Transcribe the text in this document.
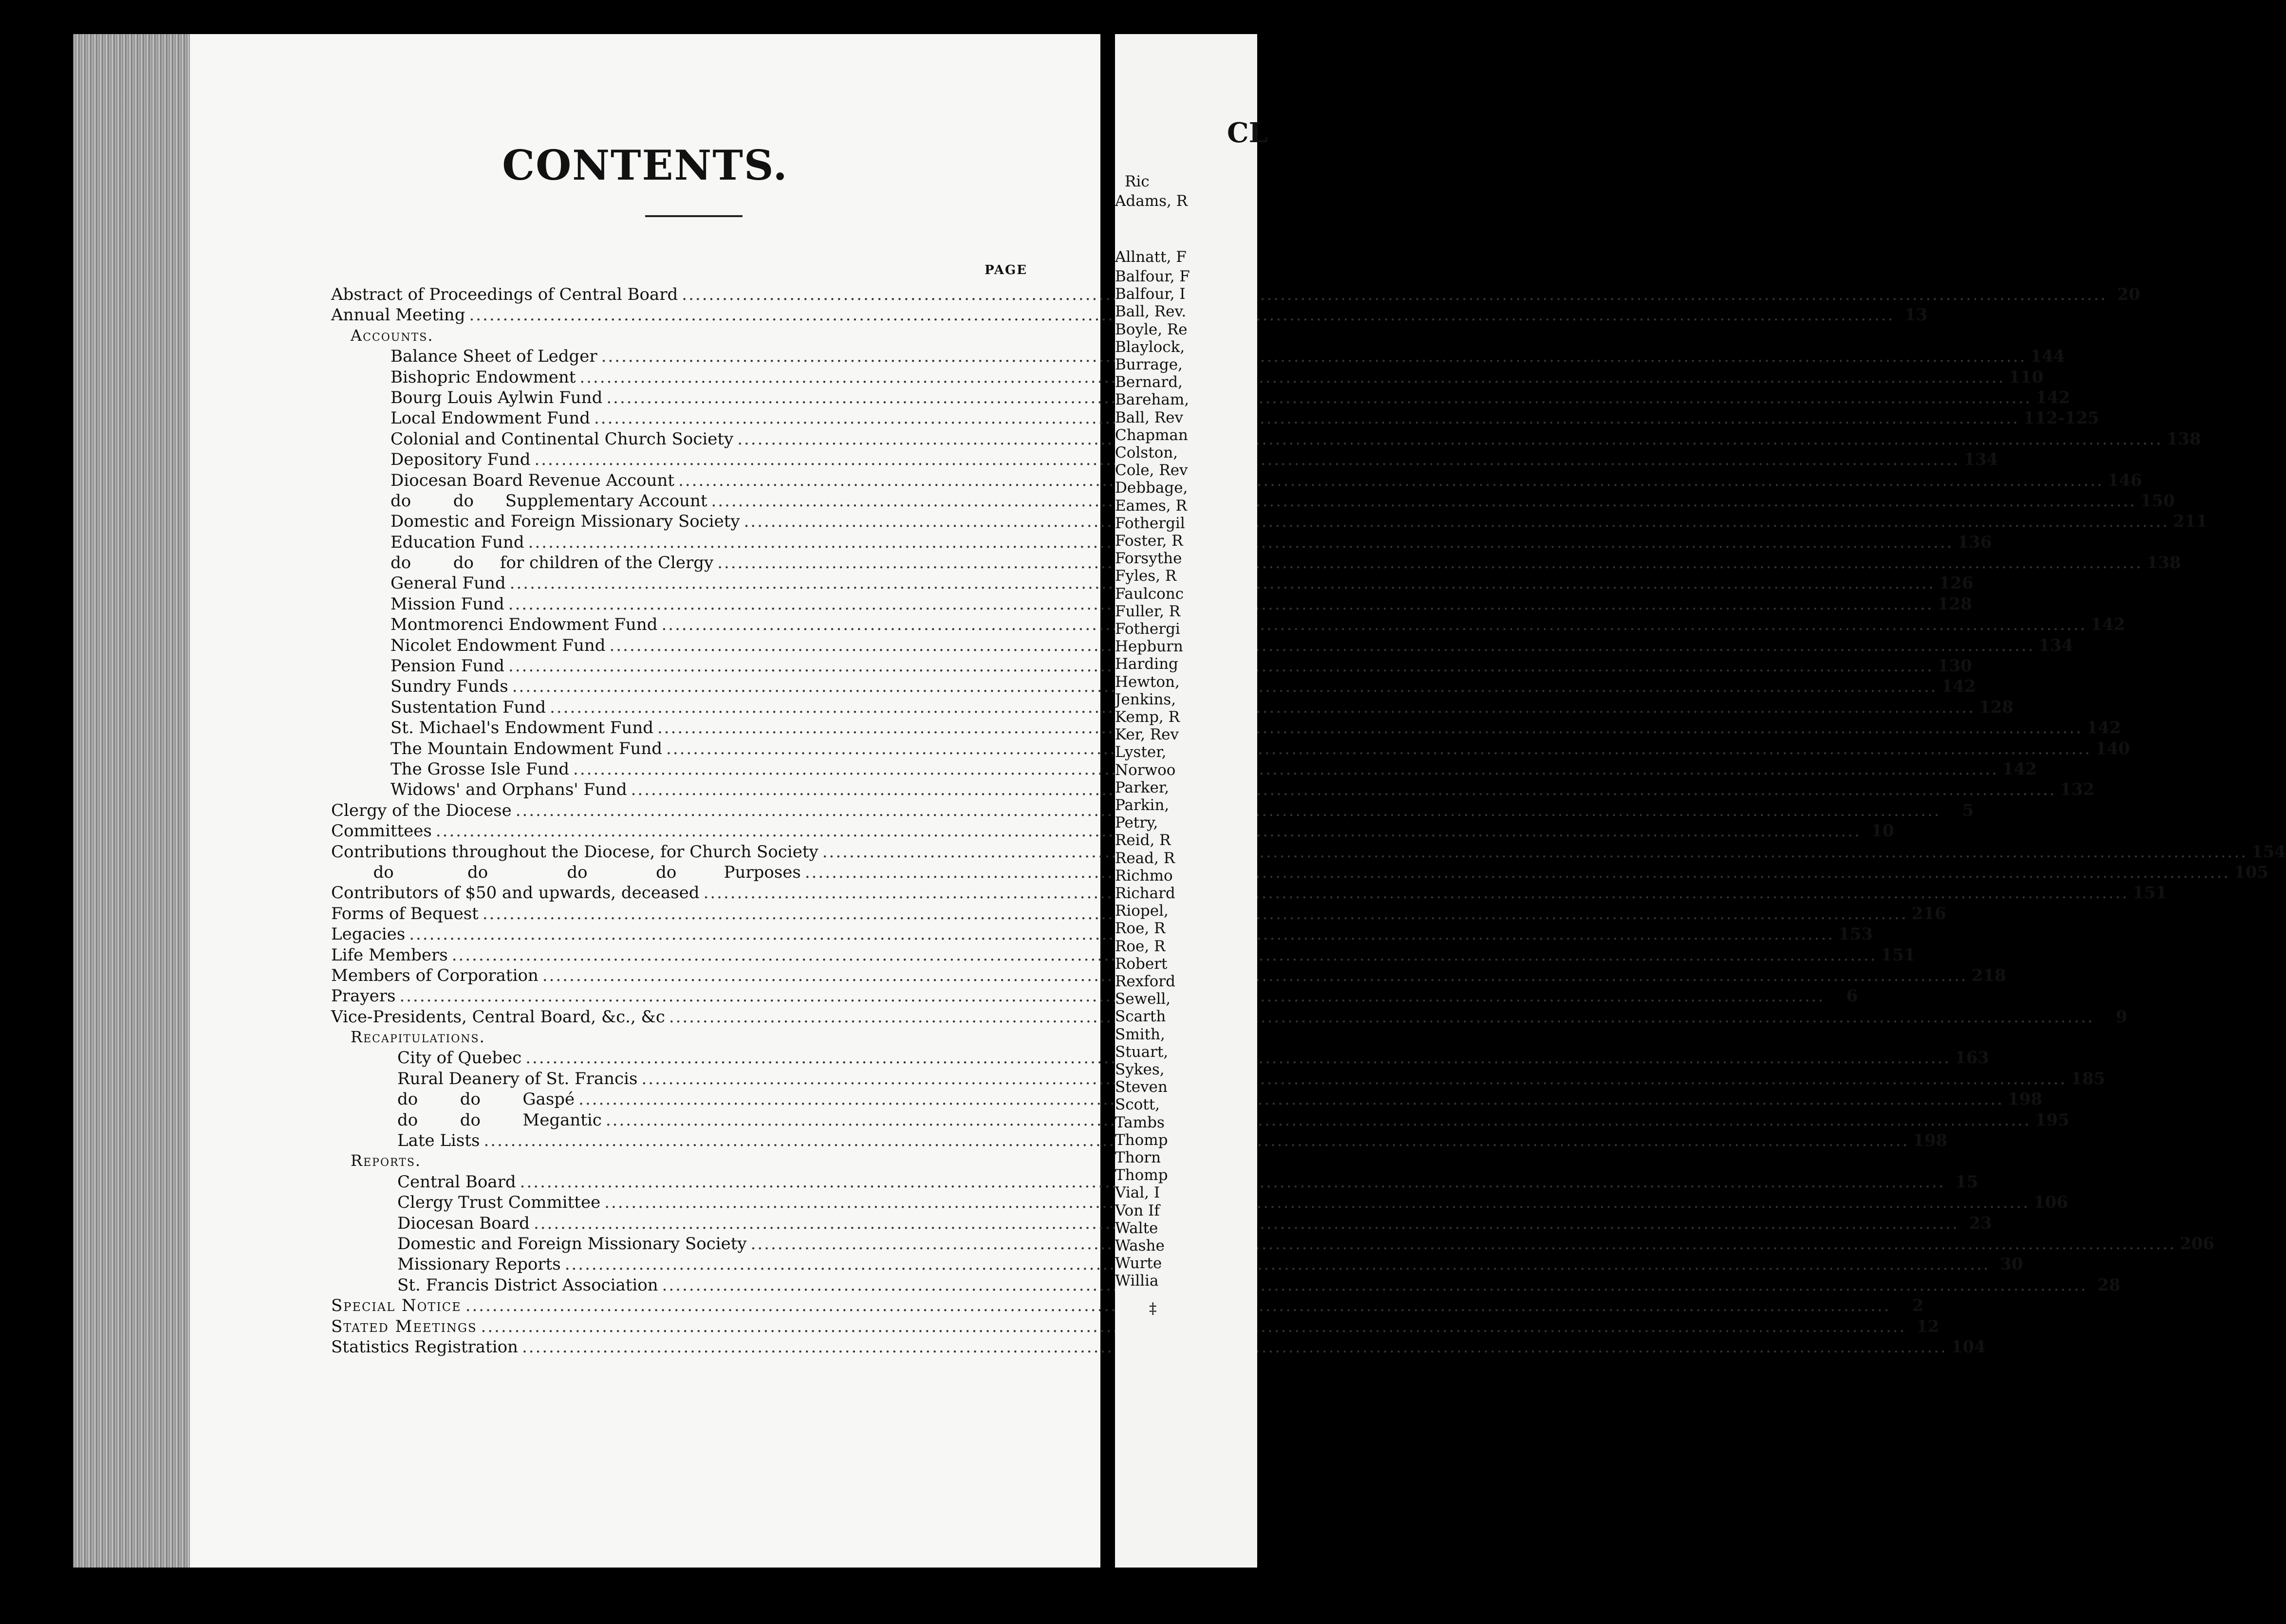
CONTENTS.
PAGE
Abstract of Proceedings of Central Board .....	20
Annual Meeting .....	13
Accounts.
Balance Sheet of Ledger .....	144
Bishopric Endowment .....	110
Bourg Louis Aylwin Fund .....	142
Local Endowment Fund .....	112-125
Colonial and Continental Church Society .....	138
Depository Fund .....	134
Diocesan Board Revenue Account .....	146
do        do      Supplementary Account .....	150
Domestic and Foreign Missionary Society .....	211
Education Fund .....	136
do        do     for children of the Clergy .....	138
General Fund .....	126
Mission Fund .....	128
Montmorenci Endowment Fund .....	142
Nicolet Endowment Fund .....	134
Pension Fund .....	130
Sundry Funds .....	142
Sustentation Fund .....	128
St. Michael's Endowment Fund .....	142
The Mountain Endowment Fund .....	140
The Grosse Isle Fund .....	142
Widows' and Orphans' Fund .....	132
Clergy of the Diocese .....	5
Committees .....	10
Contributions throughout the Diocese, for Church Society .....	154
do              do               do             do         Purposes .....	105
Contributors of $50 and upwards, deceased .....	151
Forms of Bequest .....	216
Legacies .....	153
Life Members .....	151
Members of Corporation .....	218
Prayers .....	6
Vice-Presidents, Central Board, &c., &c .....	9
Recapitulations.
City of Quebec .....	163
Rural Deanery of St. Francis .....	185
do        do        Gaspé .....	198
do        do        Megantic .....	195
Late Lists .....	198
Reports.
Central Board .....	15
Clergy Trust Committee .....	106
Diocesan Board .....	23
Domestic and Foreign Missionary Society .....	206
Missionary Reports .....	30
St. Francis District Association .....	28
Special Notice .....	2
Stated Meetings .....	12
Statistics Registration .....	104
CL
Ric
Adams, R
Allnatt, F
Balfour, F
Balfour, I
Ball, Rev.
Boyle, Re
Blaylock,
Burrage,
Bernard,
Bareham,
Ball, Rev
Chapman
Colston,
Cole, Rev
Debbage,
Eames, R
Fothergil
Foster, R
Forsythe
Fyles, R
Faulconc
Fuller, R
Fothergi
Hepburn
Harding
Hewton,
Jenkins,
Kemp, R
Ker, Rev
Lyster,
Norwoo
Parker,
Parkin,
Petry,
Reid, R
Read, R
Richmo
Richard
Riopel,
Roe, R
Roe, R
Robert
Rexford
Sewell,
Scarth
Smith,
Stuart,
Sykes,
Steven
Scott,
Tambs
Thomp
Thorn
Thomp
Vial, I
Von If
Walte
Washe
Wurte
Willia
‡
